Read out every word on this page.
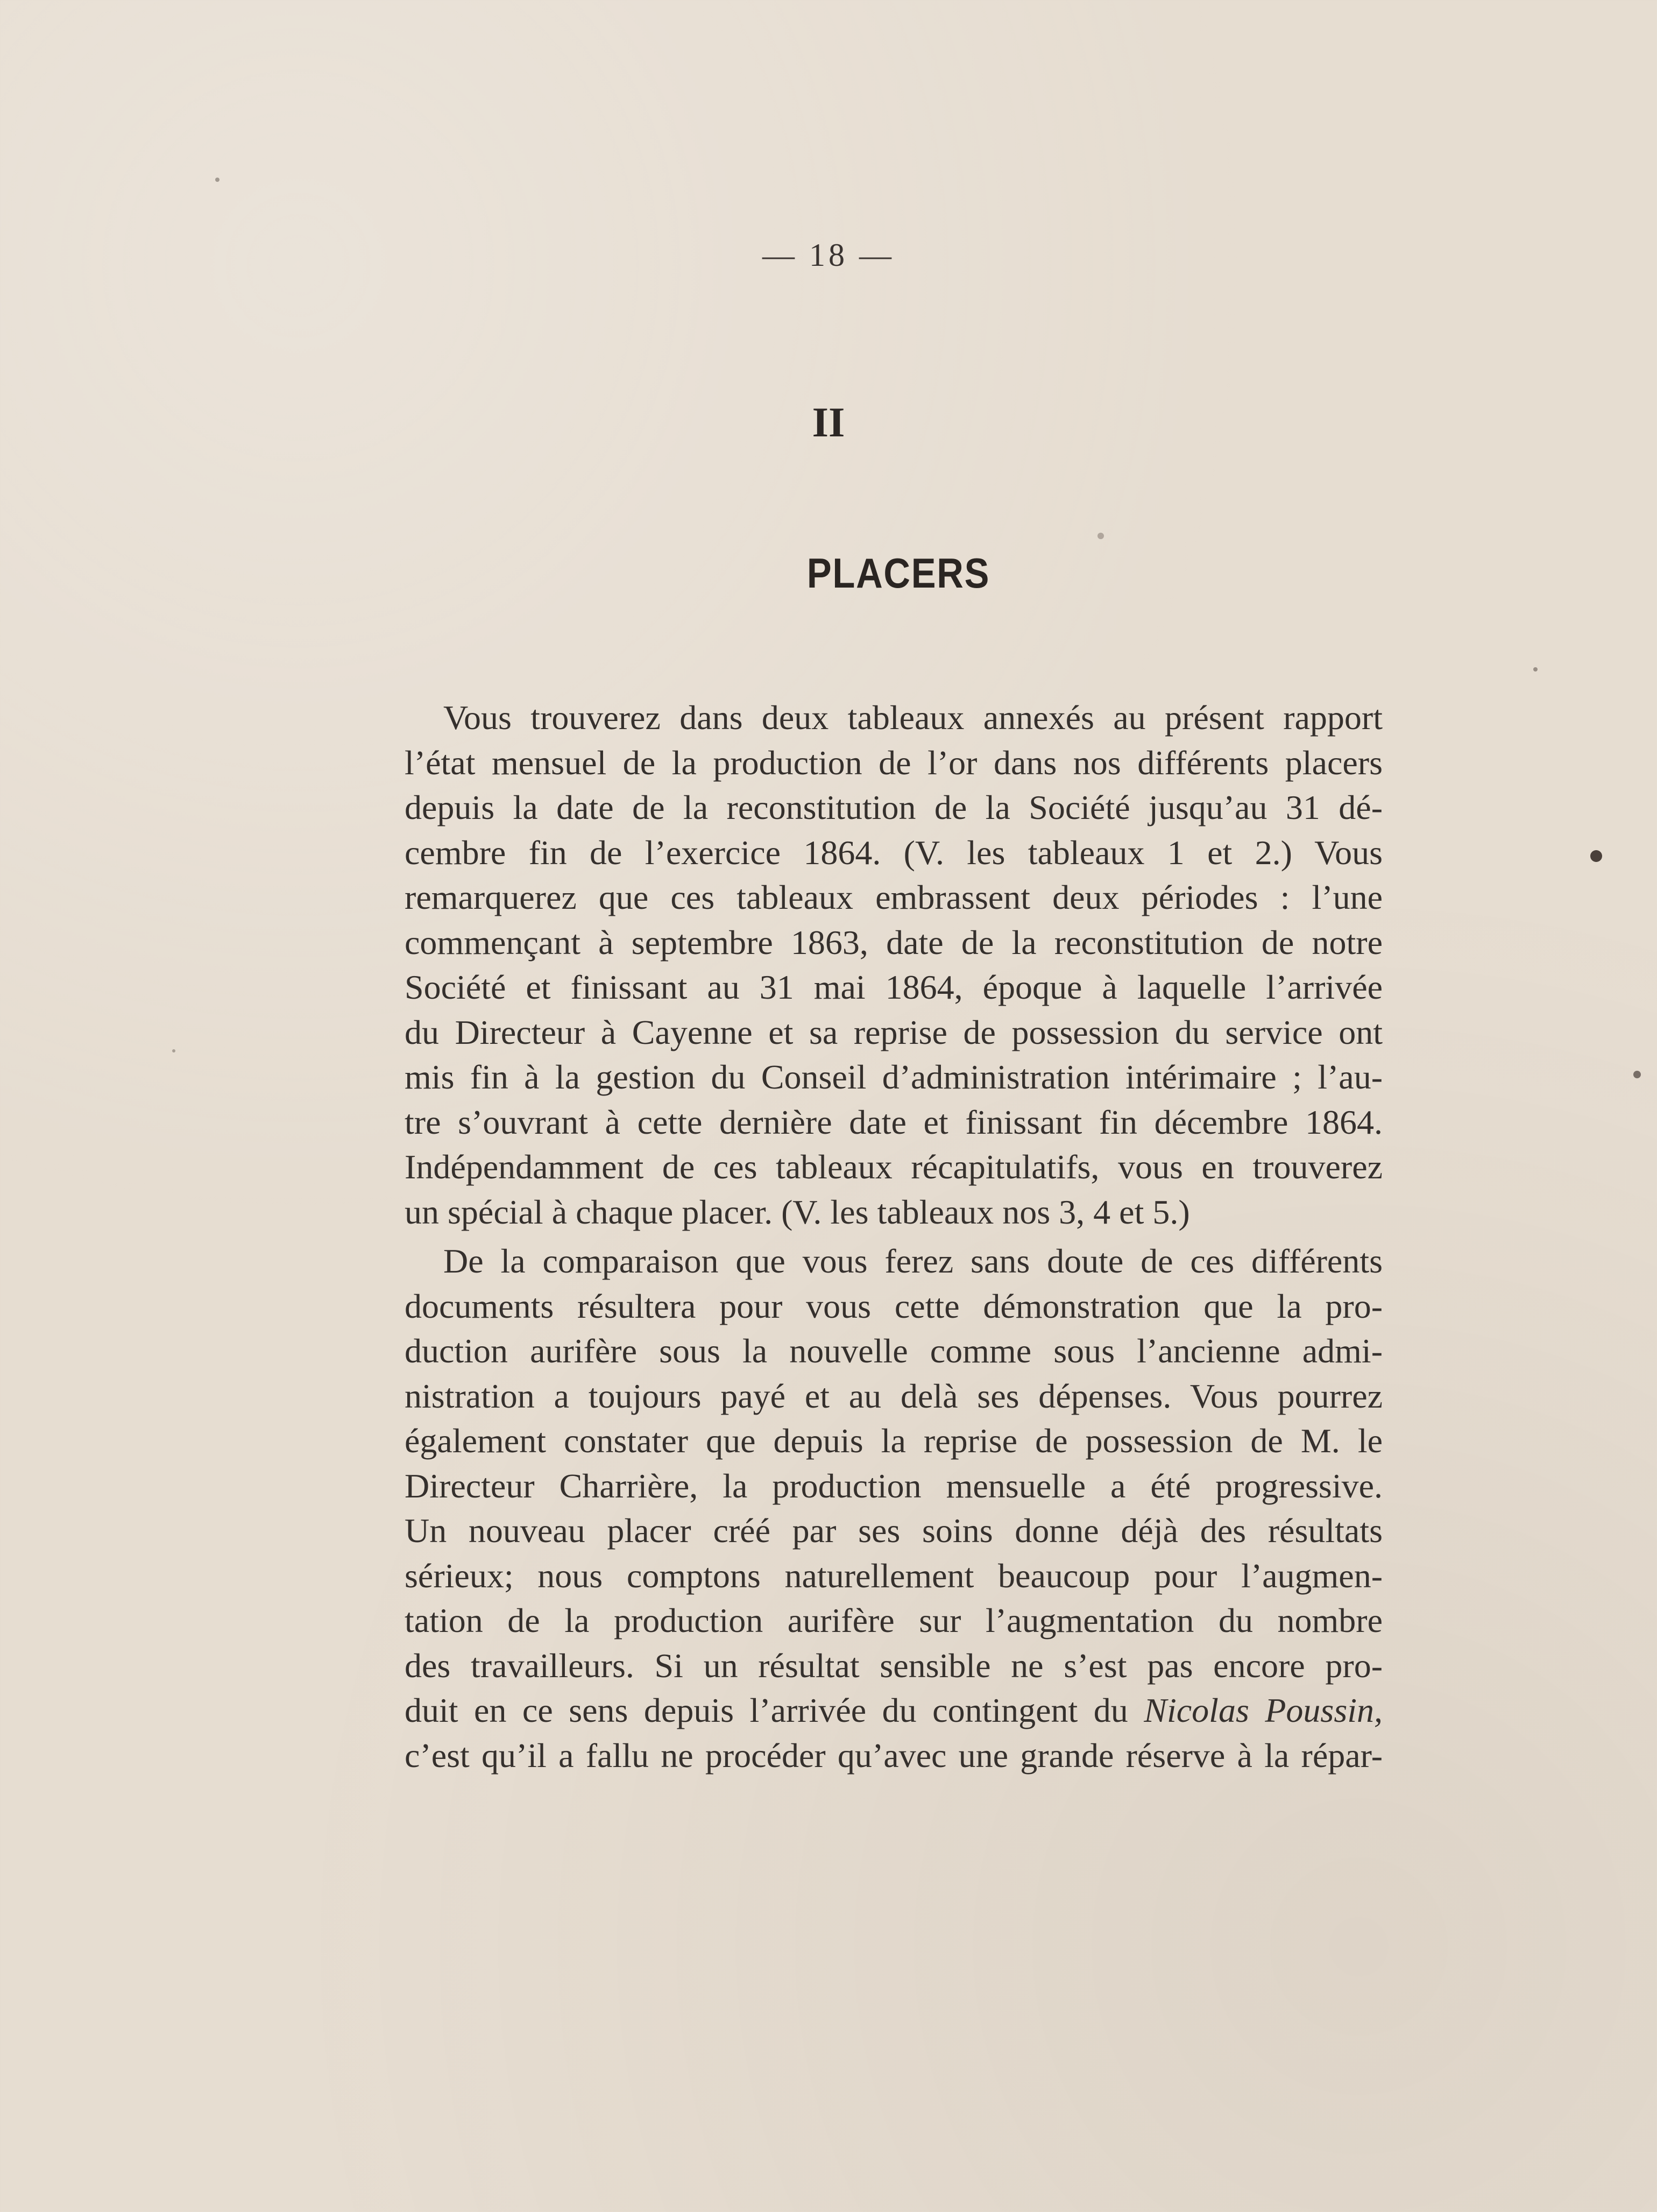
— 18 —
II
PLACERS
Vous trouverez dans deux tableaux annexés au présent rapport
l’état mensuel de la production de l’or dans nos différents placers
depuis la date de la reconstitution de la Société jusqu’au 31 dé-
cembre fin de l’exercice 1864. (V. les tableaux 1 et 2.) Vous
remarquerez que ces tableaux embrassent deux périodes : l’une
commençant à septembre 1863, date de la reconstitution de notre
Société et finissant au 31 mai 1864, époque à laquelle l’arrivée
du Directeur à Cayenne et sa reprise de possession du service ont
mis fin à la gestion du Conseil d’administration intérimaire ; l’au-
tre s’ouvrant à cette dernière date et finissant fin décembre 1864.
Indépendamment de ces tableaux récapitulatifs, vous en trouverez
un spécial à chaque placer. (V. les tableaux nos 3, 4 et 5.)
De la comparaison que vous ferez sans doute de ces différents
documents résultera pour vous cette démonstration que la pro-
duction aurifère sous la nouvelle comme sous l’ancienne admi-
nistration a toujours payé et au delà ses dépenses. Vous pourrez
également constater que depuis la reprise de possession de M. le
Directeur Charrière, la production mensuelle a été progressive.
Un nouveau placer créé par ses soins donne déjà des résultats
sérieux; nous comptons naturellement beaucoup pour l’augmen-
tation de la production aurifère sur l’augmentation du nombre
des travailleurs. Si un résultat sensible ne s’est pas encore pro-
duit en ce sens depuis l’arrivée du contingent du Nicolas Poussin,
c’est qu’il a fallu ne procéder qu’avec une grande réserve à la répar-
